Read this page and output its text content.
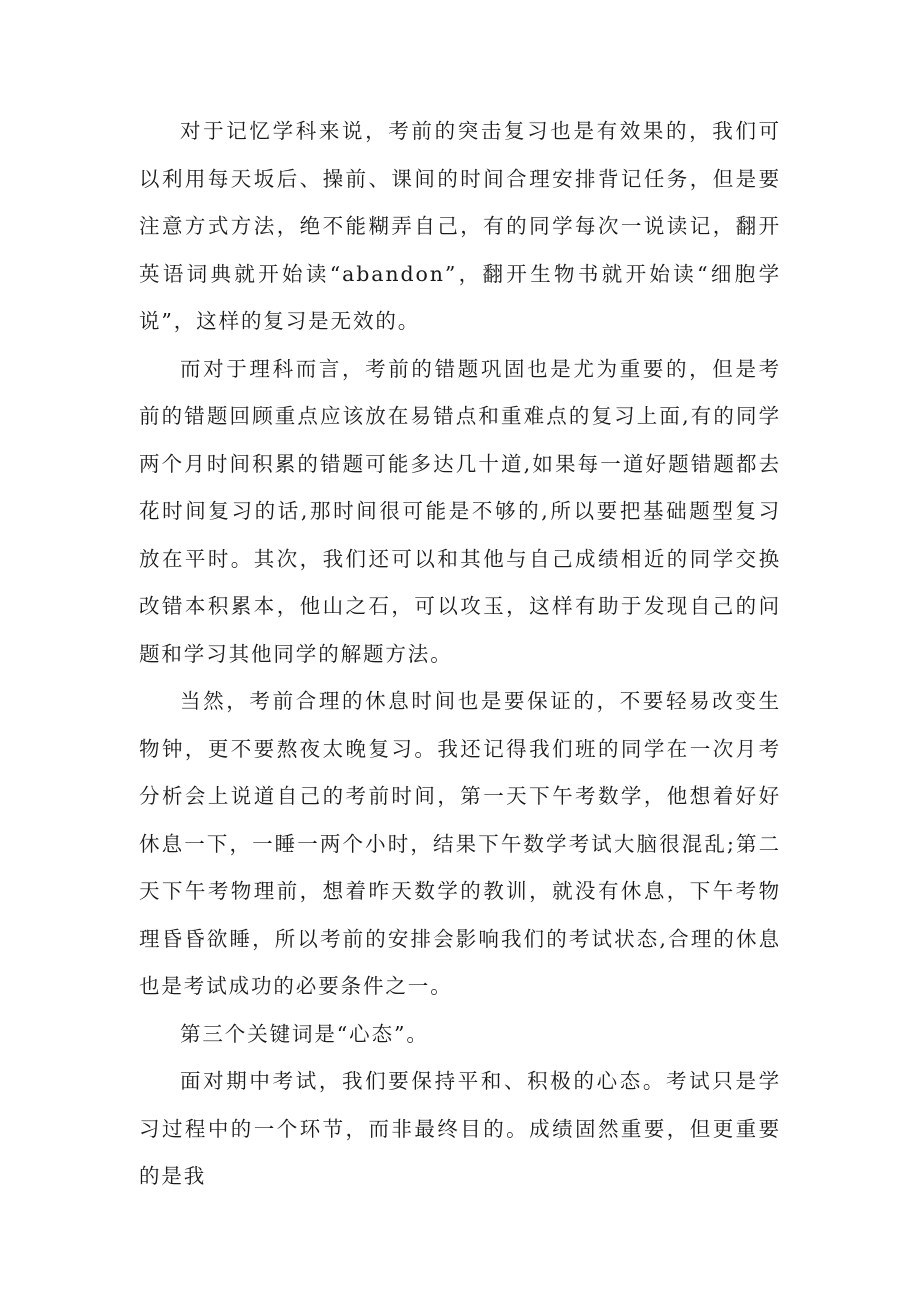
对于记忆学科来说，考前的突击复习也是有效果的，我们可以利用每天坂后、操前、课间的时间合理安排背记任务，但是要注意方式方法，绝不能糊弄自己，有的同学每次一说读记，翻开英语词典就开始读“abandon”，翻开生物书就开始读“细胞学说”，这样的复习是无效的。

而对于理科而言，考前的错题巩固也是尤为重要的，但是考前的错题回顾重点应该放在易错点和重难点的复习上面,有的同学两个月时间积累的错题可能多达几十道,如果每一道好题错题都去花时间复习的话,那时间很可能是不够的,所以要把基础题型复习放在平时。其次，我们还可以和其他与自己成绩相近的同学交换改错本积累本，他山之石，可以攻玉，这样有助于发现自己的问题和学习其他同学的解题方法。

当然，考前合理的休息时间也是要保证的，不要轻易改变生物钟，更不要熬夜太晚复习。我还记得我们班的同学在一次月考分析会上说道自己的考前时间，第一天下午考数学，他想着好好休息一下，一睡一两个小时，结果下午数学考试大脑很混乱;第二天下午考物理前，想着昨天数学的教训，就没有休息，下午考物理昏昏欲睡，所以考前的安排会影响我们的考试状态,合理的休息也是考试成功的必要条件之一。

第三个关键词是“心态”。

面对期中考试，我们要保持平和、积极的心态。考试只是学习过程中的一个环节，而非最终目的。成绩固然重要，但更重要的是我
